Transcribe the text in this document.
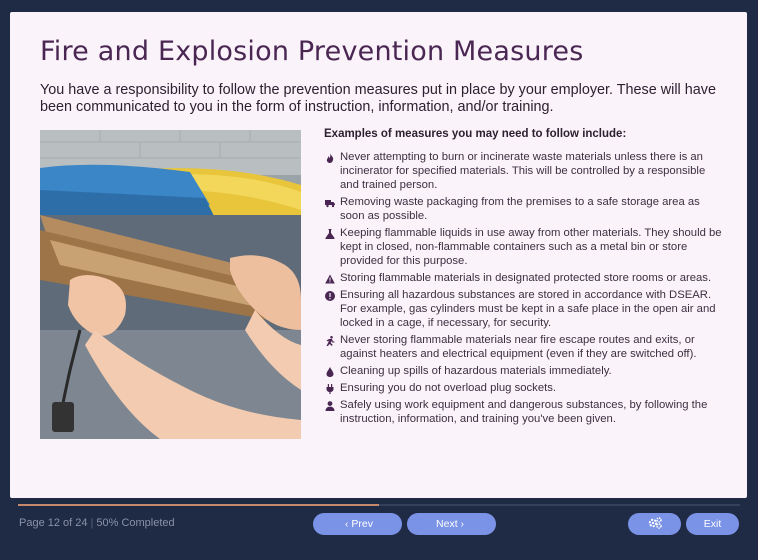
Fire and Explosion Prevention Measures

You have a responsibility to follow the prevention measures put in place by your employer. These will have been communicated to you in the form of instruction, information, and/or training.

Examples of measures you may need to follow include:
Never attempting to burn or incinerate waste materials unless there is an incinerator for specified materials. This will be controlled by a responsible and trained person.
Removing waste packaging from the premises to a safe storage area as soon as possible.
Keeping flammable liquids in use away from other materials. They should be kept in closed, non-flammable containers such as a metal bin or store provided for this purpose.
Storing flammable materials in designated protected store rooms or areas.
Ensuring all hazardous substances are stored in accordance with DSEAR. For example, gas cylinders must be kept in a safe place in the open air and locked in a cage, if necessary, for security.
Never storing flammable materials near fire escape routes and exits, or against heaters and electrical equipment (even if they are switched off).
Cleaning up spills of hazardous materials immediately.
Ensuring you do not overload plug sockets.
Safely using work equipment and dangerous substances, by following the instruction, information, and training you've been given.
Page 12 of 24 | 50% Completed	‹ Prev	Next ›	Exit
